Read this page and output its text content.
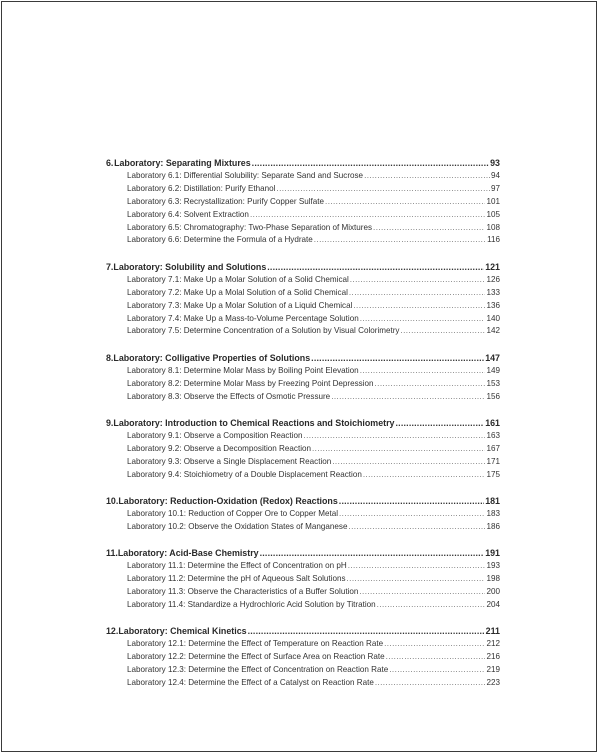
6. Laboratory: Separating Mixtures .....	93
Laboratory 6.1: Differential Solubility: Separate Sand and Sucrose .....	94
Laboratory 6.2: Distillation: Purify Ethanol .....	97
Laboratory 6.3: Recrystallization: Purify Copper Sulfate .....	101
Laboratory 6.4: Solvent Extraction .....	105
Laboratory 6.5: Chromatography: Two-Phase Separation of Mixtures .....	108
Laboratory 6.6: Determine the Formula of a Hydrate .....	116
7. Laboratory: Solubility and Solutions .....	121
Laboratory 7.1: Make Up a Molar Solution of a Solid Chemical .....	126
Laboratory 7.2: Make Up a Molal Solution of a Solid Chemical .....	133
Laboratory 7.3: Make Up a Molar Solution of a Liquid Chemical .....	136
Laboratory 7.4: Make Up a Mass-to-Volume Percentage Solution .....	140
Laboratory 7.5: Determine Concentration of a Solution by Visual Colorimetry .....	142
8. Laboratory: Colligative Properties of Solutions .....	147
Laboratory 8.1: Determine Molar Mass by Boiling Point Elevation .....	149
Laboratory 8.2: Determine Molar Mass by Freezing Point Depression .....	153
Laboratory 8.3: Observe the Effects of Osmotic Pressure .....	156
9. Laboratory: Introduction to Chemical Reactions and Stoichiometry .....	161
Laboratory 9.1: Observe a Composition Reaction .....	163
Laboratory 9.2: Observe a Decomposition Reaction .....	167
Laboratory 9.3: Observe a Single Displacement Reaction .....	171
Laboratory 9.4: Stoichiometry of a Double Displacement Reaction .....	175
10. Laboratory: Reduction-Oxidation (Redox) Reactions .....	181
Laboratory 10.1: Reduction of Copper Ore to Copper Metal .....	183
Laboratory 10.2: Observe the Oxidation States of Manganese .....	186
11. Laboratory: Acid-Base Chemistry .....	191
Laboratory 11.1: Determine the Effect of Concentration on pH .....	193
Laboratory 11.2: Determine the pH of Aqueous Salt Solutions .....	198
Laboratory 11.3: Observe the Characteristics of a Buffer Solution .....	200
Laboratory 11.4: Standardize a Hydrochloric Acid Solution by Titration .....	204
12. Laboratory: Chemical Kinetics .....	211
Laboratory 12.1: Determine the Effect of Temperature on Reaction Rate .....	212
Laboratory 12.2: Determine the Effect of Surface Area on Reaction Rate .....	216
Laboratory 12.3: Determine the Effect of Concentration on Reaction Rate .....	219
Laboratory 12.4: Determine the Effect of a Catalyst on Reaction Rate .....	223
